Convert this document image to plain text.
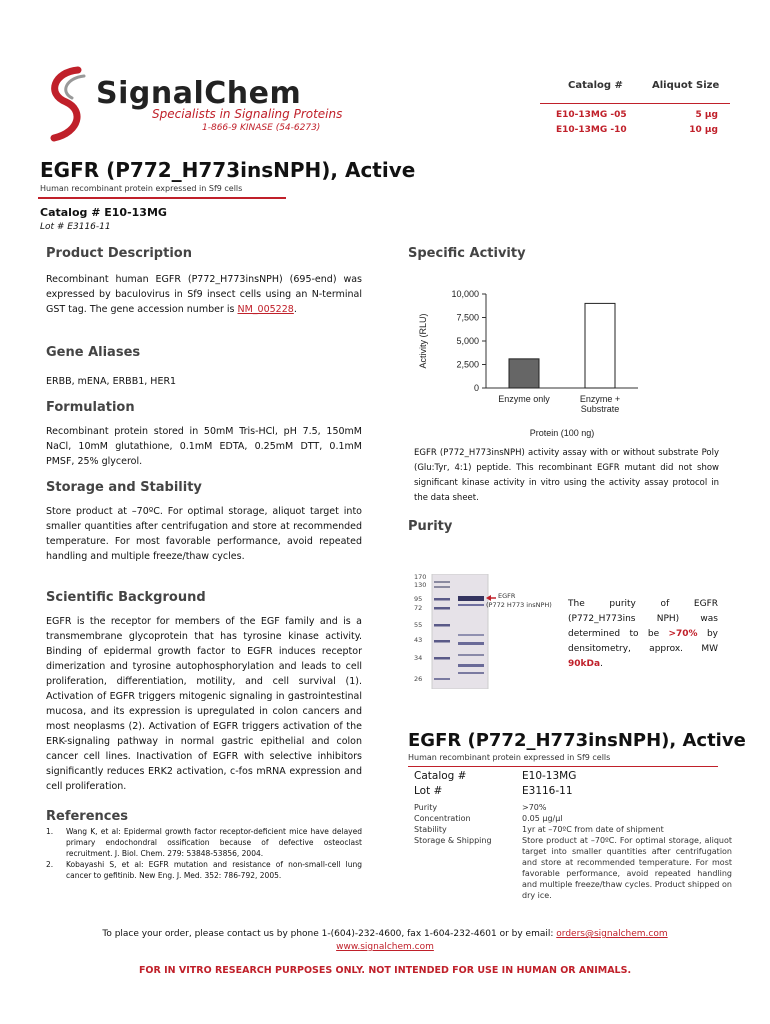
SignalChem
Specialists in Signaling Proteins
1-866-9 KINASE (54-6273)
Catalog #	Aliquot Size
E10-13MG -05	5 µg
E10-13MG -10	10 µg
EGFR (P772_H773insNPH), Active
Human recombinant protein expressed in Sf9 cells
Catalog # E10-13MG
Lot # E3116-11
Product Description
Recombinant human EGFR (P772_H773insNPH) (695-end) was expressed by baculovirus in Sf9 insect cells using an N-terminal GST tag. The gene accession number is NM_005228.
Gene Aliases
ERBB, mENA, ERBB1, HER1
Formulation
Recombinant protein stored in 50mM Tris-HCl, pH 7.5, 150mM NaCl, 10mM glutathione, 0.1mM EDTA, 0.25mM DTT, 0.1mM PMSF, 25% glycerol.
Storage and Stability
Store product at –70ºC. For optimal storage, aliquot target into smaller quantities after centrifugation and store at recommended temperature. For most favorable performance, avoid repeated handling and multiple freeze/thaw cycles.
Scientific Background
EGFR is the receptor for members of the EGF family and is a transmembrane glycoprotein that has tyrosine kinase activity. Binding of epidermal growth factor to EGFR induces receptor dimerization and tyrosine autophosphorylation and leads to cell proliferation, differentiation, motility, and cell survival (1). Activation of EGFR triggers mitogenic signaling in gastrointestinal mucosa, and its expression is upregulated in colon cancers and most neoplasms (2). Activation of EGFR triggers activation of the ERK-signaling pathway in normal gastric epithelial and colon cancer cell lines. Inactivation of EGFR with selective inhibitors significantly reduces ERK2 activation, c-fos mRNA expression and cell proliferation.
References
1. Wang K, et al: Epidermal growth factor receptor-deficient mice have delayed primary endochondral ossification because of defective osteoclast recruitment. J. Biol. Chem. 279: 53848-53856, 2004.
2. Kobayashi S, et al: EGFR mutation and resistance of non-small-cell lung cancer to gefitinib. New Eng. J. Med. 352: 786-792, 2005.
Specific Activity
0
2,500
5,000
7,500
10,000
Activity (RLU)
Enzyme only	Enzyme +
Substrate
Protein (100 ng)
EGFR (P772_H773insNPH) activity assay with or without substrate Poly (Glu:Tyr, 4:1) peptide. This recombinant EGFR mutant did not show significant kinase activity in vitro using the activity assay protocol in the data sheet.
Purity
170
130
95
72
55
43
34
26
EGFR
(P772 H773 insNPH) The purity of EGFR (P772_H773ins NPH) was determined to be >70% by densitometry, approx. MW 90kDa.
EGFR (P772_H773insNPH), Active
Human recombinant protein expressed in Sf9 cells
Catalog #	E10-13MG
Lot #	E3116-11
Purity	>70%
Concentration	0.05 µg/µl
Stability	1yr at –70ºC from date of shipment
Storage & Shipping	Store product at –70ºC. For optimal storage, aliquot target into smaller quantities after centrifugation and store at recommended temperature. For most favorable performance, avoid repeated handling and multiple freeze/thaw cycles. Product shipped on dry ice.
To place your order, please contact us by phone 1-(604)-232-4600, fax 1-604-232-4601 or by email: orders@signalchem.com
www.signalchem.com
FOR IN VITRO RESEARCH PURPOSES ONLY. NOT INTENDED FOR USE IN HUMAN OR ANIMALS.
